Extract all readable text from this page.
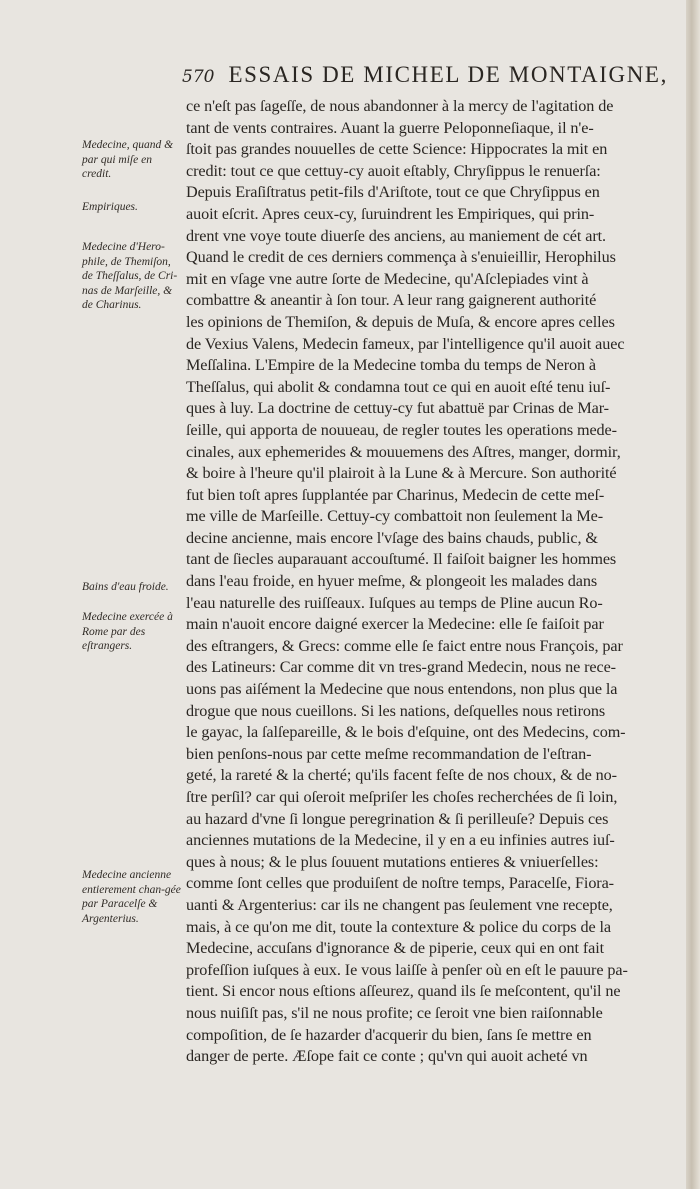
570 ESSAIS DE MICHEL DE MONTAIGNE,
ce n'eſt pas ſageſſe, de nous abandonner à la mercy de l'agitation de
tant de vents contraires. Auant la guerre Peloponneſiaque, il n'e-
ſtoit pas grandes nouuelles de cette Science: Hippocrates la mit en
credit: tout ce que cettuy-cy auoit eſtably, Chryſippus le renuerſa:
Depuis Eraſiſtratus petit-fils d'Ariſtote, tout ce que Chryſippus en
auoit eſcrit. Apres ceux-cy, ſuruindrent les Empiriques, qui prin-
drent vne voye toute diuerſe des anciens, au maniement de cét art.
Quand le credit de ces derniers commença à s'enuieillir, Herophilus
mit en vſage vne autre ſorte de Medecine, qu'Aſclepiades vint à
combattre & aneantir à ſon tour. A leur rang gaignerent authorité
les opinions de Themiſon, & depuis de Muſa, & encore apres celles
de Vexius Valens, Medecin fameux, par l'intelligence qu'il auoit auec
Meſſalina. L'Empire de la Medecine tomba du temps de Neron à
Theſſalus, qui abolit & condamna tout ce qui en auoit eſté tenu iuſ-
ques à luy. La doctrine de cettuy-cy fut abattuë par Crinas de Mar-
ſeille, qui apporta de nouueau, de regler toutes les operations mede-
cinales, aux ephemerides & mouuemens des Aſtres, manger, dormir,
& boire à l'heure qu'il plairoit à la Lune & à Mercure. Son authorité
fut bien toſt apres ſupplantée par Charinus, Medecin de cette meſ-
me ville de Marſeille. Cettuy-cy combattoit non ſeulement la Me-
decine ancienne, mais encore l'vſage des bains chauds, public, &
tant de ſiecles auparauant accouſtumé. Il faiſoit baigner les hommes
dans l'eau froide, en hyuer meſme, & plongeoit les malades dans
l'eau naturelle des ruiſſeaux. Iuſques au temps de Pline aucun Ro-
main n'auoit encore daigné exercer la Medecine: elle ſe faiſoit par
des eſtrangers, & Grecs: comme elle ſe faict entre nous François, par
des Latineurs: Car comme dit vn tres-grand Medecin, nous ne rece-
uons pas aiſément la Medecine que nous entendons, non plus que la
drogue que nous cueillons. Si les nations, deſquelles nous retirons
le gayac, la ſalſepareille, & le bois d'eſquine, ont des Medecins, com-
bien penſons-nous par cette meſme recommandation de l'eſtran-
geté, la rareté & la cherté; qu'ils facent feſte de nos choux, & de no-
ſtre perſil? car qui oſeroit meſpriſer les choſes recherchées de ſi loin,
au hazard d'vne ſi longue peregrination & ſi perilleuſe? Depuis ces
anciennes mutations de la Medecine, il y en a eu infinies autres iuſ-
ques à nous; & le plus ſouuent mutations entieres & vniuerſelles:
comme ſont celles que produiſent de noſtre temps, Paracelſe, Fiora-
uanti & Argenterius: car ils ne changent pas ſeulement vne recepte,
mais, à ce qu'on me dit, toute la contexture & police du corps de la
Medecine, accuſans d'ignorance & de piperie, ceux qui en ont fait
profeſſion iuſques à eux. Ie vous laiſſe à penſer où en eſt le pauure pa-
tient. Si encor nous eſtions aſſeurez, quand ils ſe meſcontent, qu'il ne
nous nuiſiſt pas, s'il ne nous profite; ce ſeroit vne bien raiſonnable
compoſition, de ſe hazarder d'acquerir du bien, ſans ſe mettre en
danger de perte. Æſope fait ce conte ; qu'vn qui auoit acheté vn
Medecine, quand & par qui miſe en credit.
Empiriques.
Medecine d'Hero-phile, de Themiſon, de Theſſalus, de Cri-nas de Marſeille, & de Charinus.
Bains d'eau froide.
Medecine exercée à Rome par des eſtrangers.
Medecine ancienne entierement chan-gée par Paracelſe & Argenterius.
